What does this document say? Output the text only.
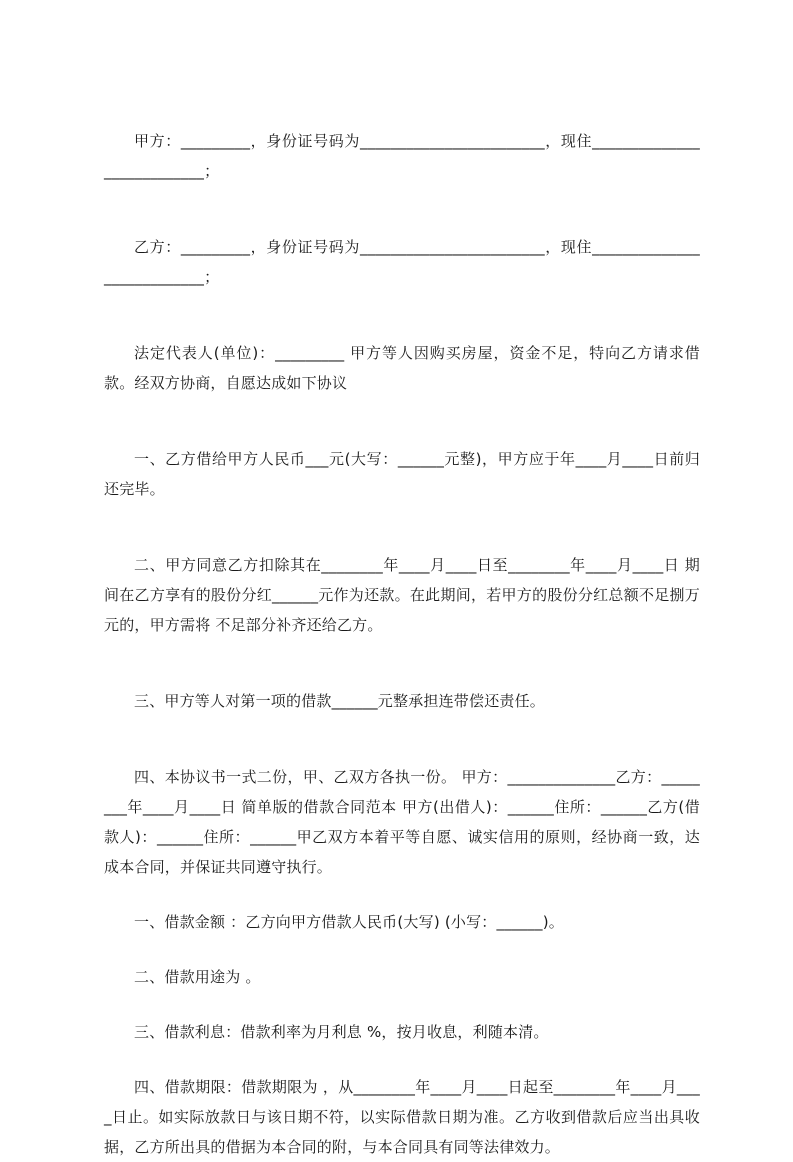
甲方：_________，身份证号码为________________________，现住___________________________；

乙方：_________，身份证号码为________________________，现住___________________________；

法定代表人(单位)：_________ 甲方等人因购买房屋，资金不足，特向乙方请求借款。经双方协商，自愿达成如下协议

一、乙方借给甲方人民币___元(大写：______元整)，甲方应于年____月____日前归还完毕。

二、甲方同意乙方扣除其在________年____月____日至________年____月____日 期间在乙方享有的股份分红______元作为还款。在此期间，若甲方的股份分红总额不足捌万元的，甲方需将 不足部分补齐还给乙方。

三、甲方等人对第一项的借款______元整承担连带偿还责任。

四、本协议书一式二份，甲、乙双方各执一份。 甲方：______________乙方：________年____月____日 简单版的借款合同范本 甲方(出借人)：______住所：______乙方(借款人)：______住所：______甲乙双方本着平等自愿、诚实信用的原则，经协商一致，达成本合同，并保证共同遵守执行。

一、借款金额 ：乙方向甲方借款人民币(大写) (小写：______)。

二、借款用途为 。

三、借款利息：借款利率为月利息 %，按月收息，利随本清。

四、借款期限：借款期限为 ，从________年____月____日起至________年____月____日止。如实际放款日与该日期不符，以实际借款日期为准。乙方收到借款后应当出具收据，乙方所出具的借据为本合同的附，与本合同具有同等法律效力。
